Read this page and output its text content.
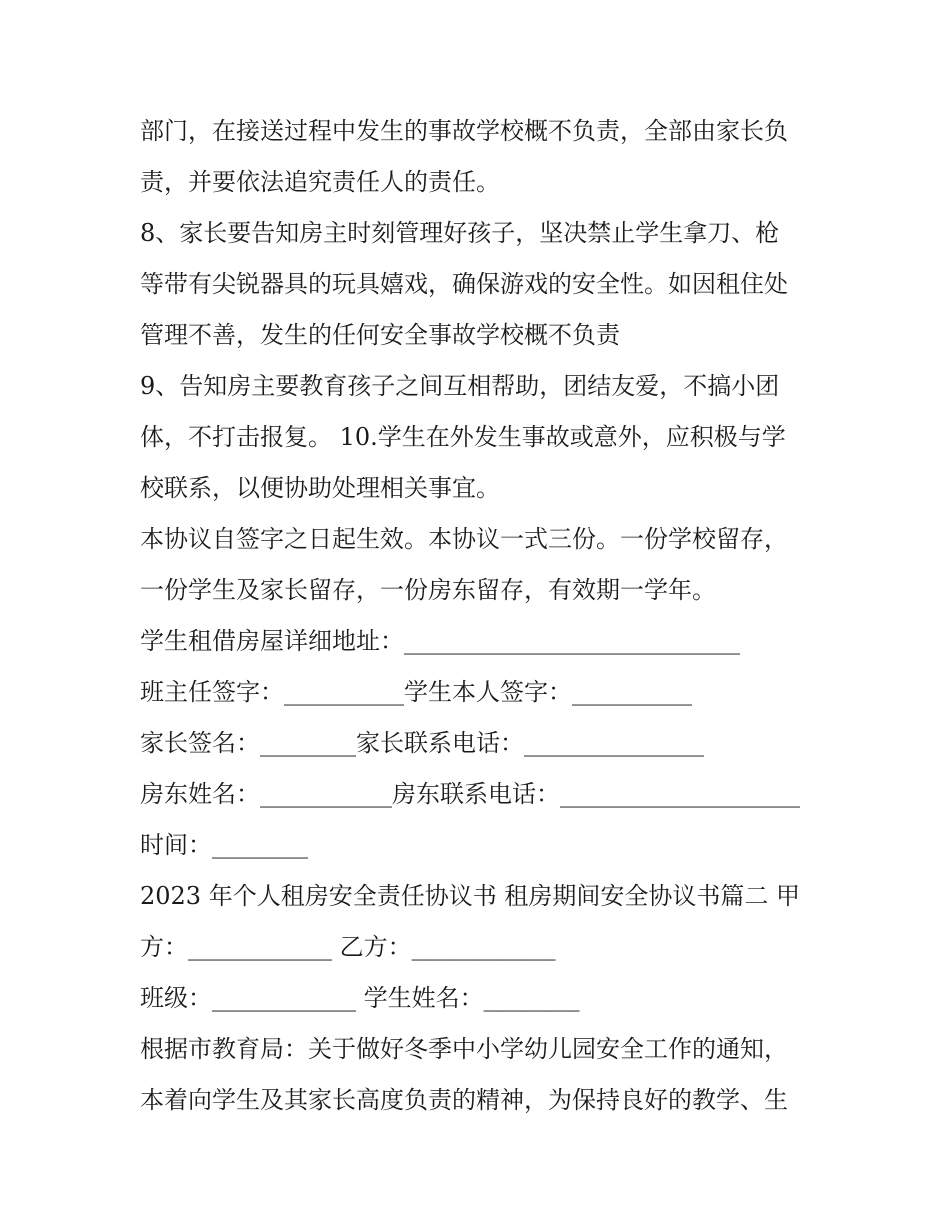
部门，在接送过程中发生的事故学校概不负责，全部由家长负
责，并要依法追究责任人的责任。
8、家长要告知房主时刻管理好孩子，坚决禁止学生拿刀、枪
等带有尖锐器具的玩具嬉戏，确保游戏的安全性。如因租住处
管理不善，发生的任何安全事故学校概不负责
9、告知房主要教育孩子之间互相帮助，团结友爱，不搞小团
体，不打击报复。 10.学生在外发生事故或意外，应积极与学
校联系，以便协助处理相关事宜。
本协议自签字之日起生效。本协议一式三份。一份学校留存，
一份学生及家长留存，一份房东留存，有效期一学年。
学生租借房屋详细地址：____________________________
班主任签字：__________学生本人签字：__________
家长签名：________家长联系电话：_______________
房东姓名：___________房东联系电话：____________________
时间：________
2023 年个人租房安全责任协议书 租房期间安全协议书篇二 甲
方：____________ 乙方：____________
班级：____________ 学生姓名：________
根据市教育局：关于做好冬季中小学幼儿园安全工作的通知，
本着向学生及其家长高度负责的精神，为保持良好的教学、生
